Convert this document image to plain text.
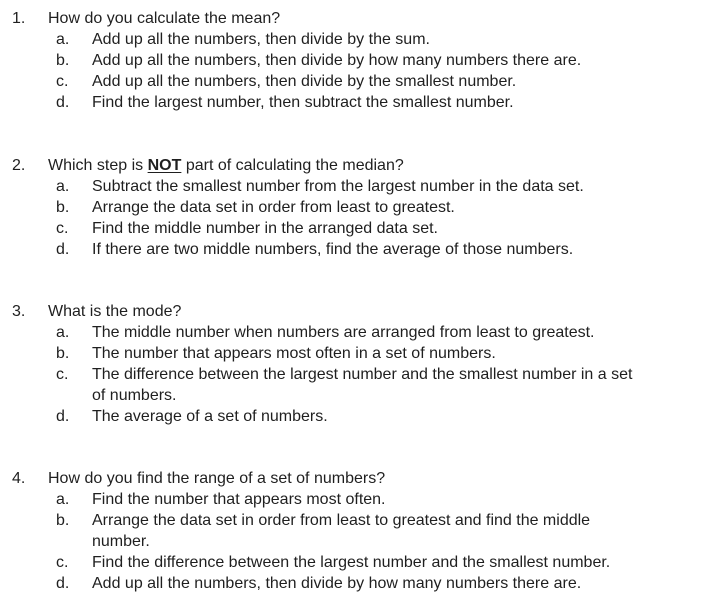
1. How do you calculate the mean?
a. Add up all the numbers, then divide by the sum.
b. Add up all the numbers, then divide by how many numbers there are.
c. Add up all the numbers, then divide by the smallest number.
d. Find the largest number, then subtract the smallest number.
2. Which step is NOT part of calculating the median?
a. Subtract the smallest number from the largest number in the data set.
b. Arrange the data set in order from least to greatest.
c. Find the middle number in the arranged data set.
d. If there are two middle numbers, find the average of those numbers.
3. What is the mode?
a. The middle number when numbers are arranged from least to greatest.
b. The number that appears most often in a set of numbers.
c. The difference between the largest number and the smallest number in a set
of numbers.
d. The average of a set of numbers.
4. How do you find the range of a set of numbers?
a. Find the number that appears most often.
b. Arrange the data set in order from least to greatest and find the middle
number.
c. Find the difference between the largest number and the smallest number.
d. Add up all the numbers, then divide by how many numbers there are.
